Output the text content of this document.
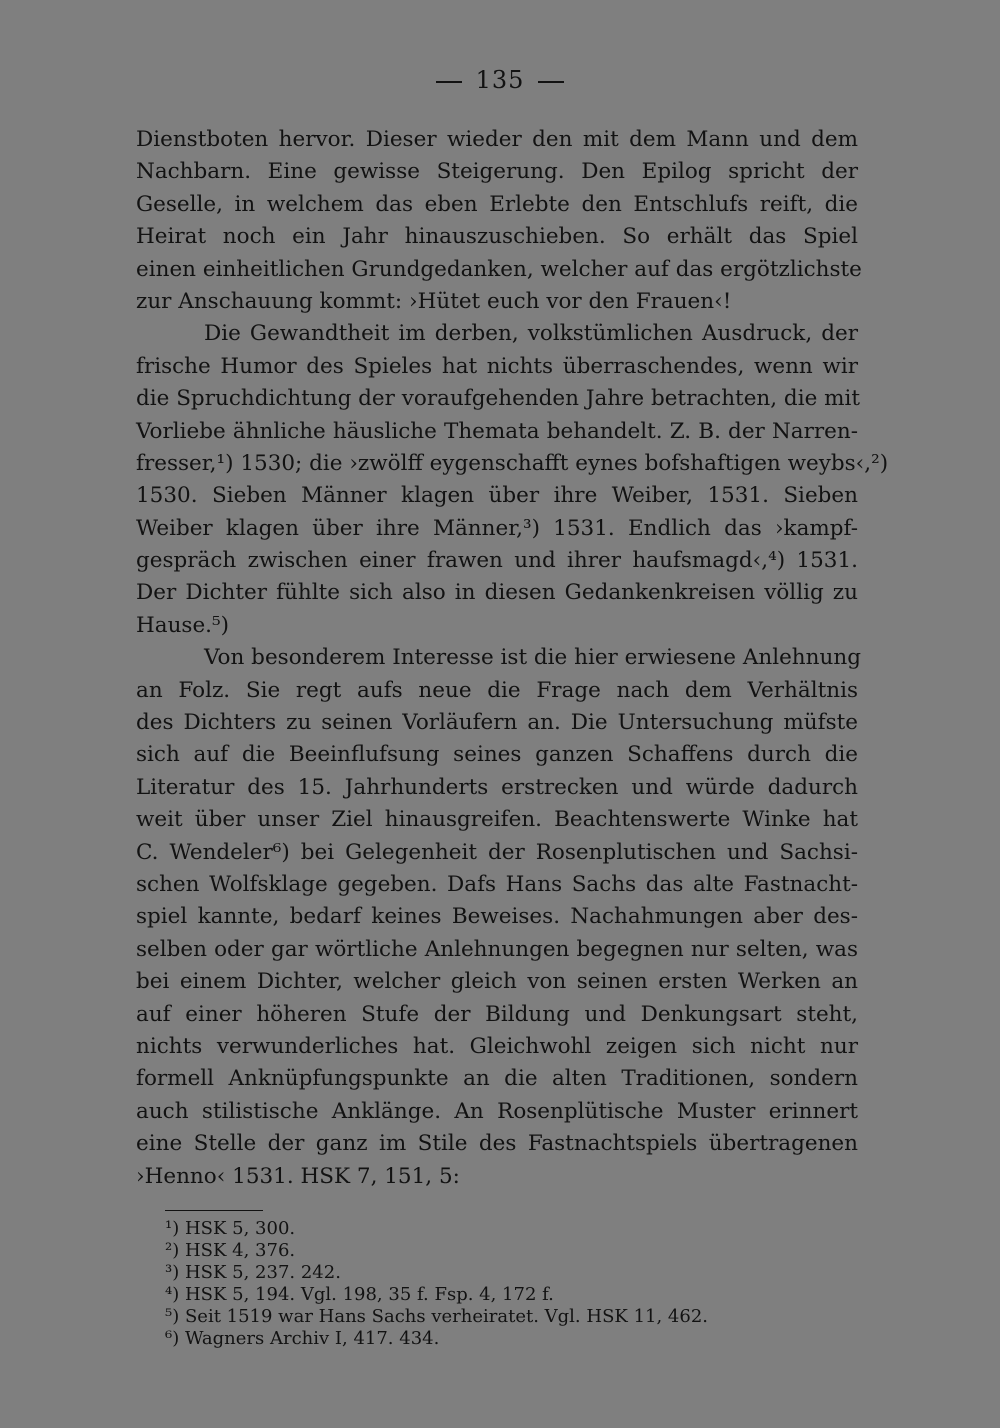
135
Dienstboten hervor. Dieser wieder den mit dem Mann und dem
Nachbarn. Eine gewisse Steigerung. Den Epilog spricht der
Geselle, in welchem das eben Erlebte den Entschlufs reift, die
Heirat noch ein Jahr hinauszuschieben. So erhält das Spiel
einen einheitlichen Grundgedanken, welcher auf das ergötzlichste
zur Anschauung kommt: ›Hütet euch vor den Frauen‹!
Die Gewandtheit im derben, volkstümlichen Ausdruck, der
frische Humor des Spieles hat nichts überraschendes, wenn wir
die Spruchdichtung der voraufgehenden Jahre betrachten, die mit
Vorliebe ähnliche häusliche Themata behandelt. Z. B. der Narren-
fresser,¹) 1530; die ›zwölff eygenschafft eynes bofshaftigen weybs‹,²)
1530. Sieben Männer klagen über ihre Weiber, 1531. Sieben
Weiber klagen über ihre Männer,³) 1531. Endlich das ›kampf-
gespräch zwischen einer frawen und ihrer haufsmagd‹,⁴) 1531.
Der Dichter fühlte sich also in diesen Gedankenkreisen völlig zu
Hause.⁵)
Von besonderem Interesse ist die hier erwiesene Anlehnung
an Folz. Sie regt aufs neue die Frage nach dem Verhältnis
des Dichters zu seinen Vorläufern an. Die Untersuchung müfste
sich auf die Beeinflufsung seines ganzen Schaffens durch die
Literatur des 15. Jahrhunderts erstrecken und würde dadurch
weit über unser Ziel hinausgreifen. Beachtenswerte Winke hat
C. Wendeler⁶) bei Gelegenheit der Rosenplutischen und Sachsi-
schen Wolfsklage gegeben. Dafs Hans Sachs das alte Fastnacht-
spiel kannte, bedarf keines Beweises. Nachahmungen aber des-
selben oder gar wörtliche Anlehnungen begegnen nur selten, was
bei einem Dichter, welcher gleich von seinen ersten Werken an
auf einer höheren Stufe der Bildung und Denkungsart steht,
nichts verwunderliches hat. Gleichwohl zeigen sich nicht nur
formell Anknüpfungspunkte an die alten Traditionen, sondern
auch stilistische Anklänge. An Rosenplütische Muster erinnert
eine Stelle der ganz im Stile des Fastnachtspiels übertragenen
›Henno‹ 1531. HSK 7, 151, 5:
¹) HSK 5, 300.
²) HSK 4, 376.
³) HSK 5, 237. 242.
⁴) HSK 5, 194. Vgl. 198, 35 f. Fsp. 4, 172 f.
⁵) Seit 1519 war Hans Sachs verheiratet. Vgl. HSK 11, 462.
⁶) Wagners Archiv I, 417. 434.
